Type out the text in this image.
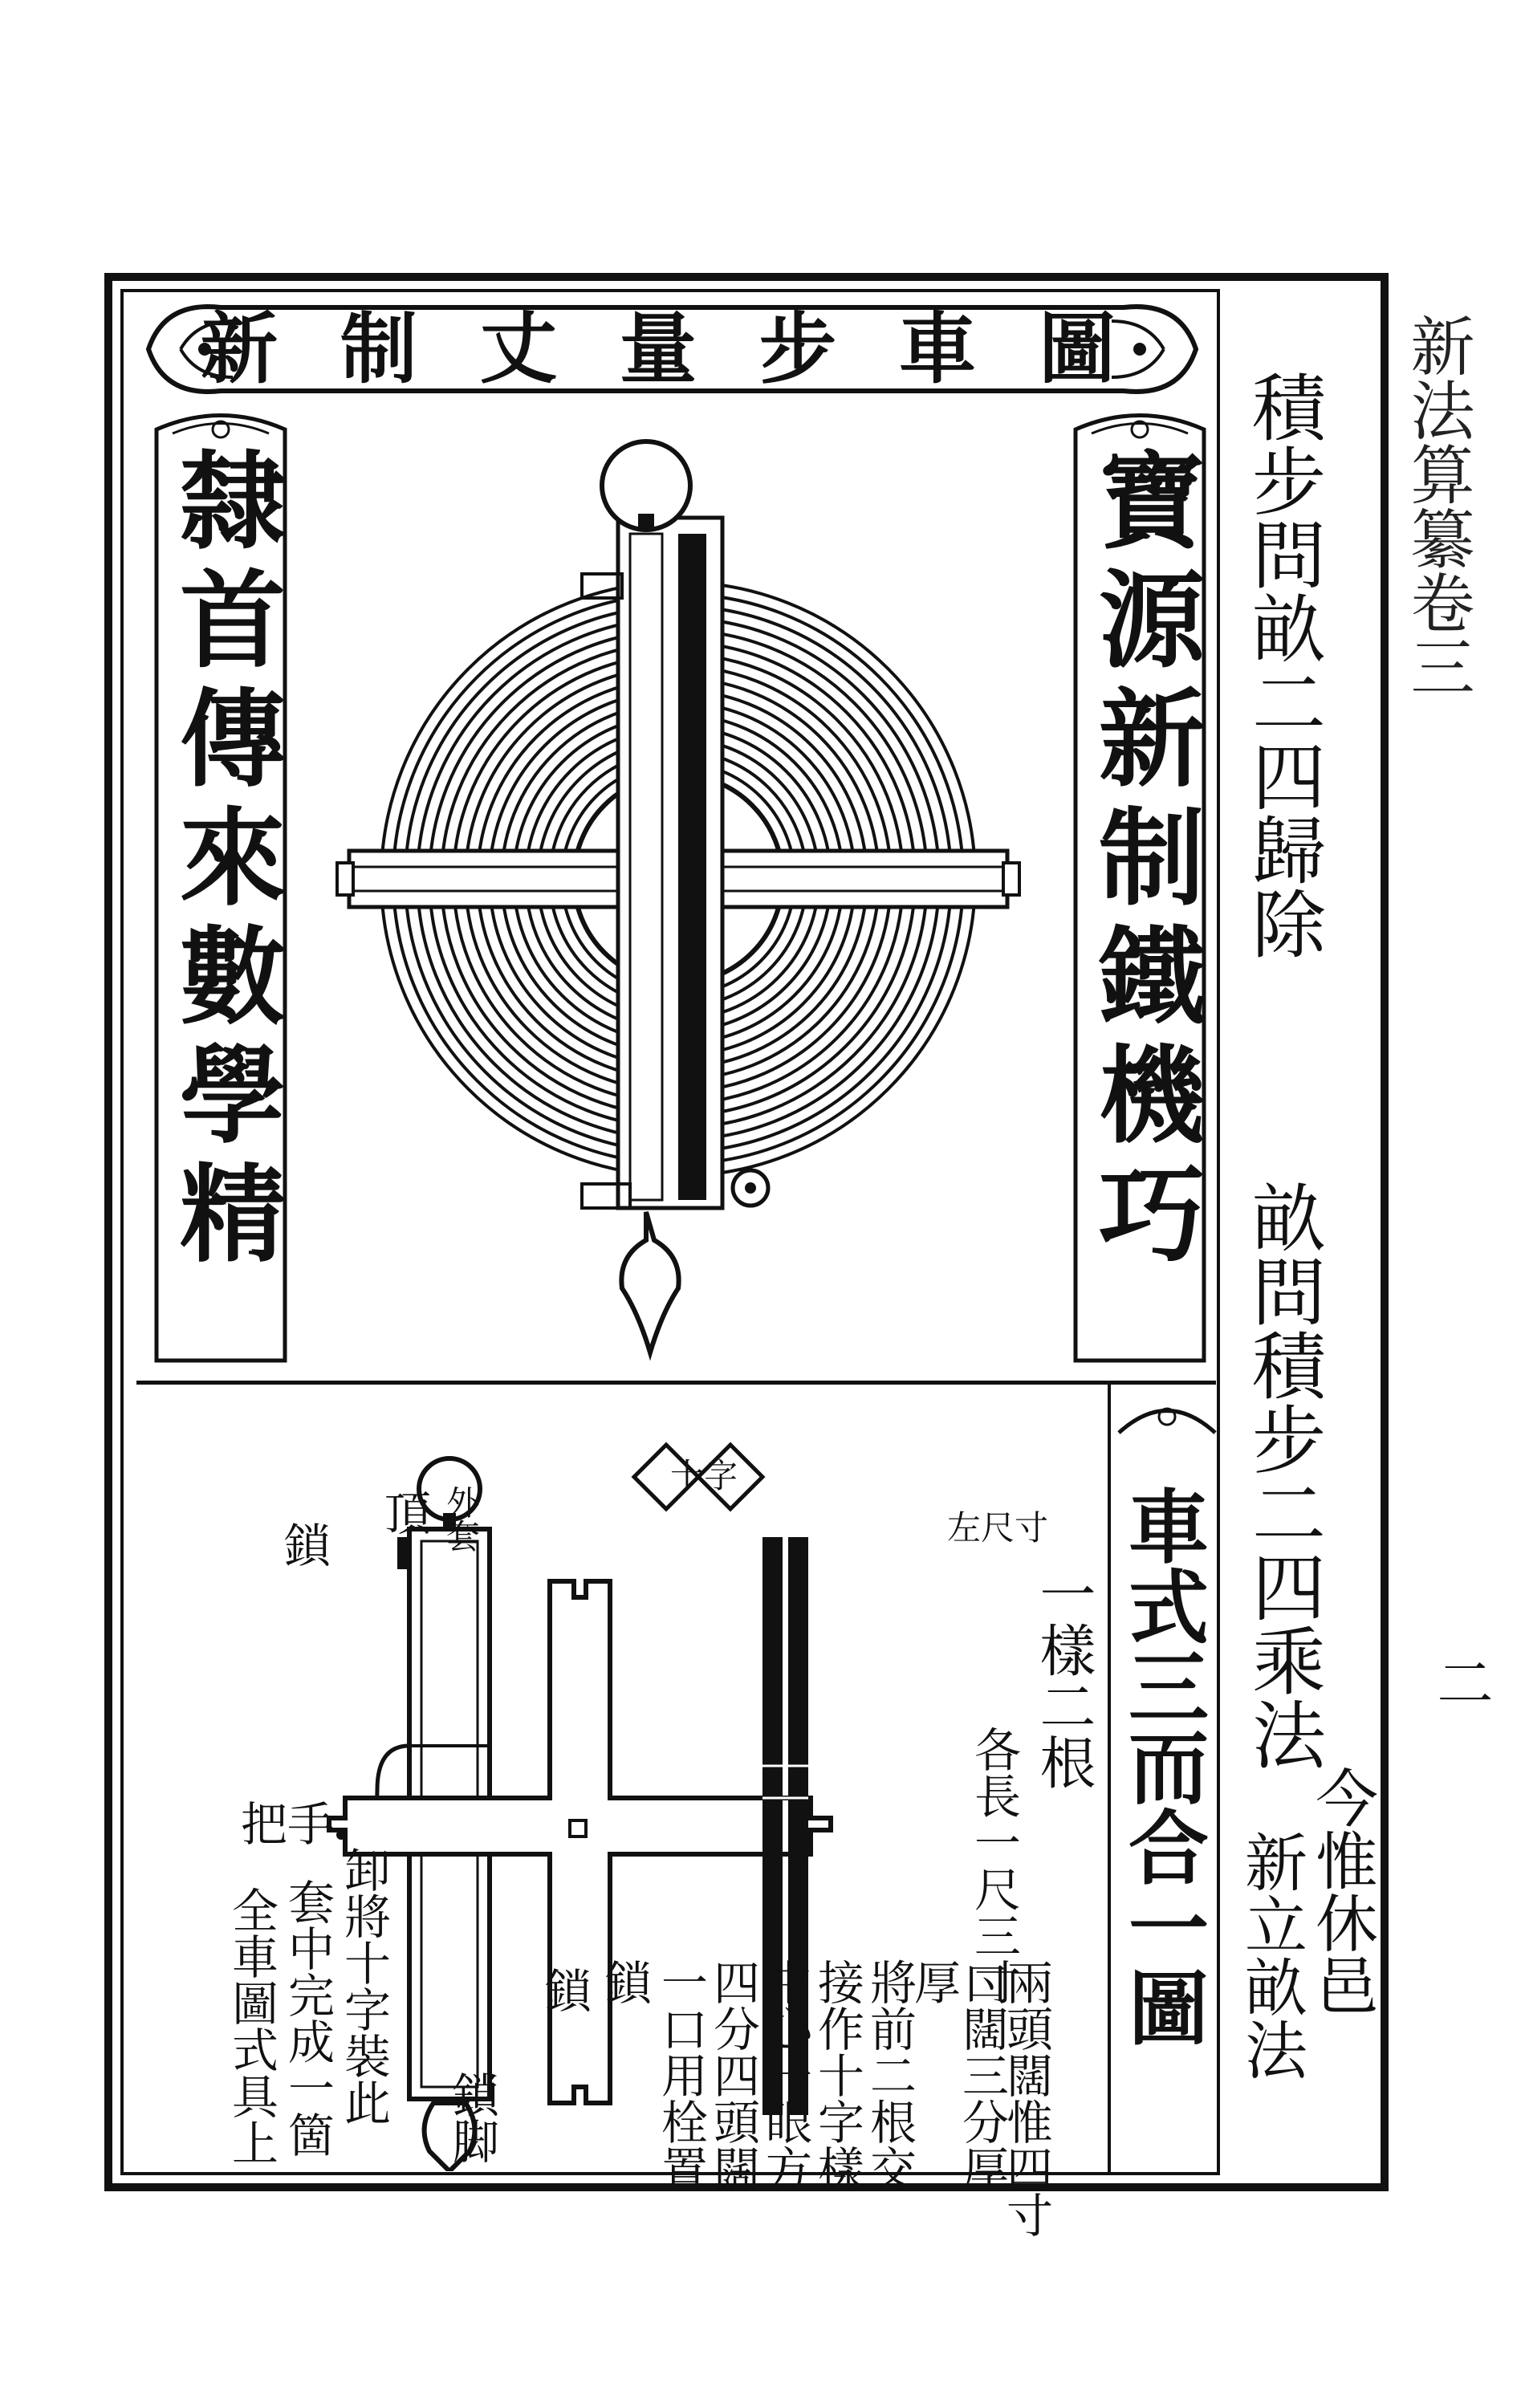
新制丈量步車圖
隸首傳來數學精	寶源新制鐵機巧
頂 外套
鎖
把手
鎖脚
鎖
十字
左尺寸
一樣二根
各長一尺三寸
兩頭闊惟四寸
口闊三分厚
厚
將前二根交
接作十字樣
中心一眼方
四分四頭闊
一口用栓置
鎖
卸將十字裝此
套中完成一箇
全車圖式具上	車式三而合一圖
積步問畝二四歸除
畝問積步二四乘法
今惟休邑
新立畝法
新法算纂卷三
二
